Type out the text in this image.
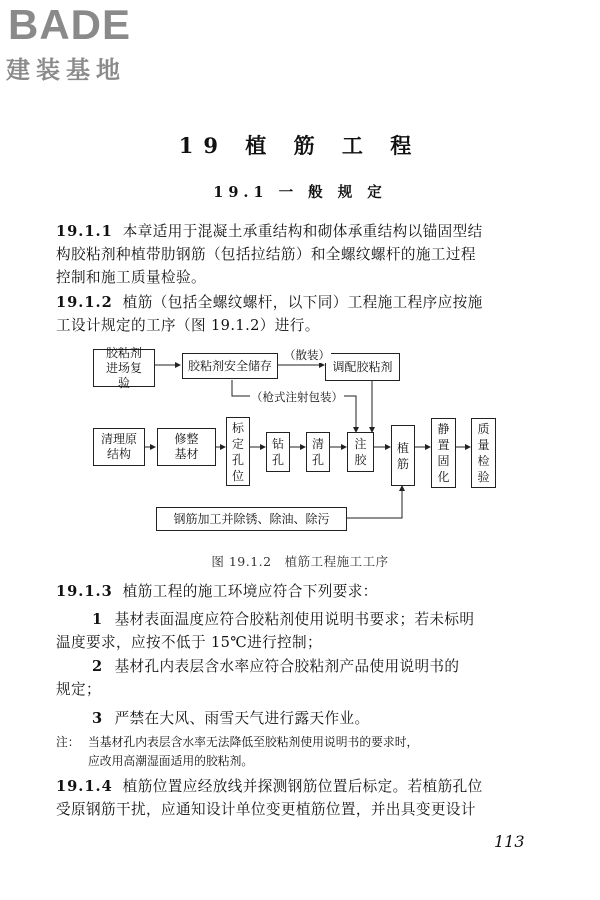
BADE
建装基地
19 植 筋 工 程
19.1 一 般 规 定
19.1.1 本章适用于混凝土承重结构和砌体承重结构以锚固型结
构胶粘剂种植带肋钢筋（包括拉结筋）和全螺纹螺杆的施工过程
控制和施工质量检验。
19.1.2 植筋（包括全螺纹螺杆，以下同）工程施工程序应按施
工设计规定的工序（图 19.1.2）进行。
胶粘剂进场复验
胶粘剂安全储存	调配胶粘剂
（散装）
（枪式注射包装）
清理原结构
修整基材
标定孔位
钻孔
清孔
注胶
植筋
静置固化
质量检验
钢筋加工并除锈、除油、除污
图 19.1.2　植筋工程施工工序
19.1.3 植筋工程的施工环境应符合下列要求：
1 基材表面温度应符合胶粘剂使用说明书要求；若未标明
温度要求，应按不低于 15℃进行控制；
2 基材孔内表层含水率应符合胶粘剂产品使用说明书的
规定；
3 严禁在大风、雨雪天气进行露天作业。
注： 当基材孔内表层含水率无法降低至胶粘剂使用说明书的要求时，
应改用高潮湿面适用的胶粘剂。
19.1.4 植筋位置应经放线并探测钢筋位置后标定。若植筋孔位
受原钢筋干扰，应通知设计单位变更植筋位置，并出具变更设计
113
